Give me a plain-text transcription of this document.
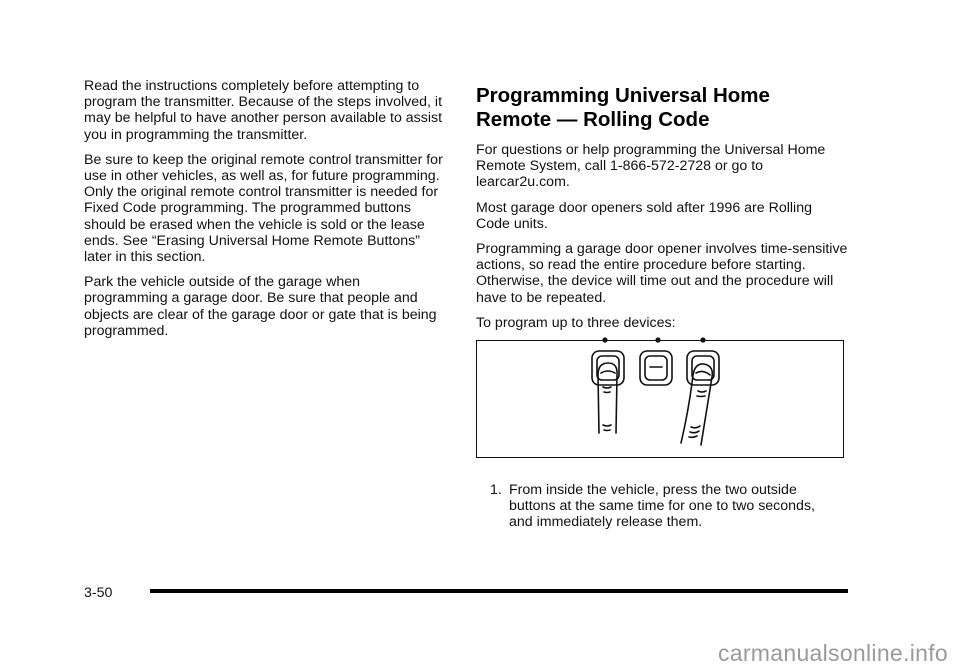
Read the instructions completely before attempting to program the transmitter. Because of the steps involved, it may be helpful to have another person available to assist you in programming the transmitter.

Be sure to keep the original remote control transmitter for use in other vehicles, as well as, for future programming. Only the original remote control transmitter is needed for Fixed Code programming. The programmed buttons should be erased when the vehicle is sold or the lease ends. See “Erasing Universal Home Remote Buttons” later in this section.

Park the vehicle outside of the garage when programming a garage door. Be sure that people and objects are clear of the garage door or gate that is being programmed.

Programming Universal Home
Remote — Rolling Code

For questions or help programming the Universal Home Remote System, call 1-866-572-2728 or go to learcar2u.com.

Most garage door openers sold after 1996 are Rolling Code units.

Programming a garage door opener involves time-sensitive actions, so read the entire procedure before starting. Otherwise, the device will time out and the procedure will have to be repeated.

To program up to three devices:

1. From inside the vehicle, press the two outside buttons at the same time for one to two seconds, and immediately release them.
3-50
carmanualsonline.info
